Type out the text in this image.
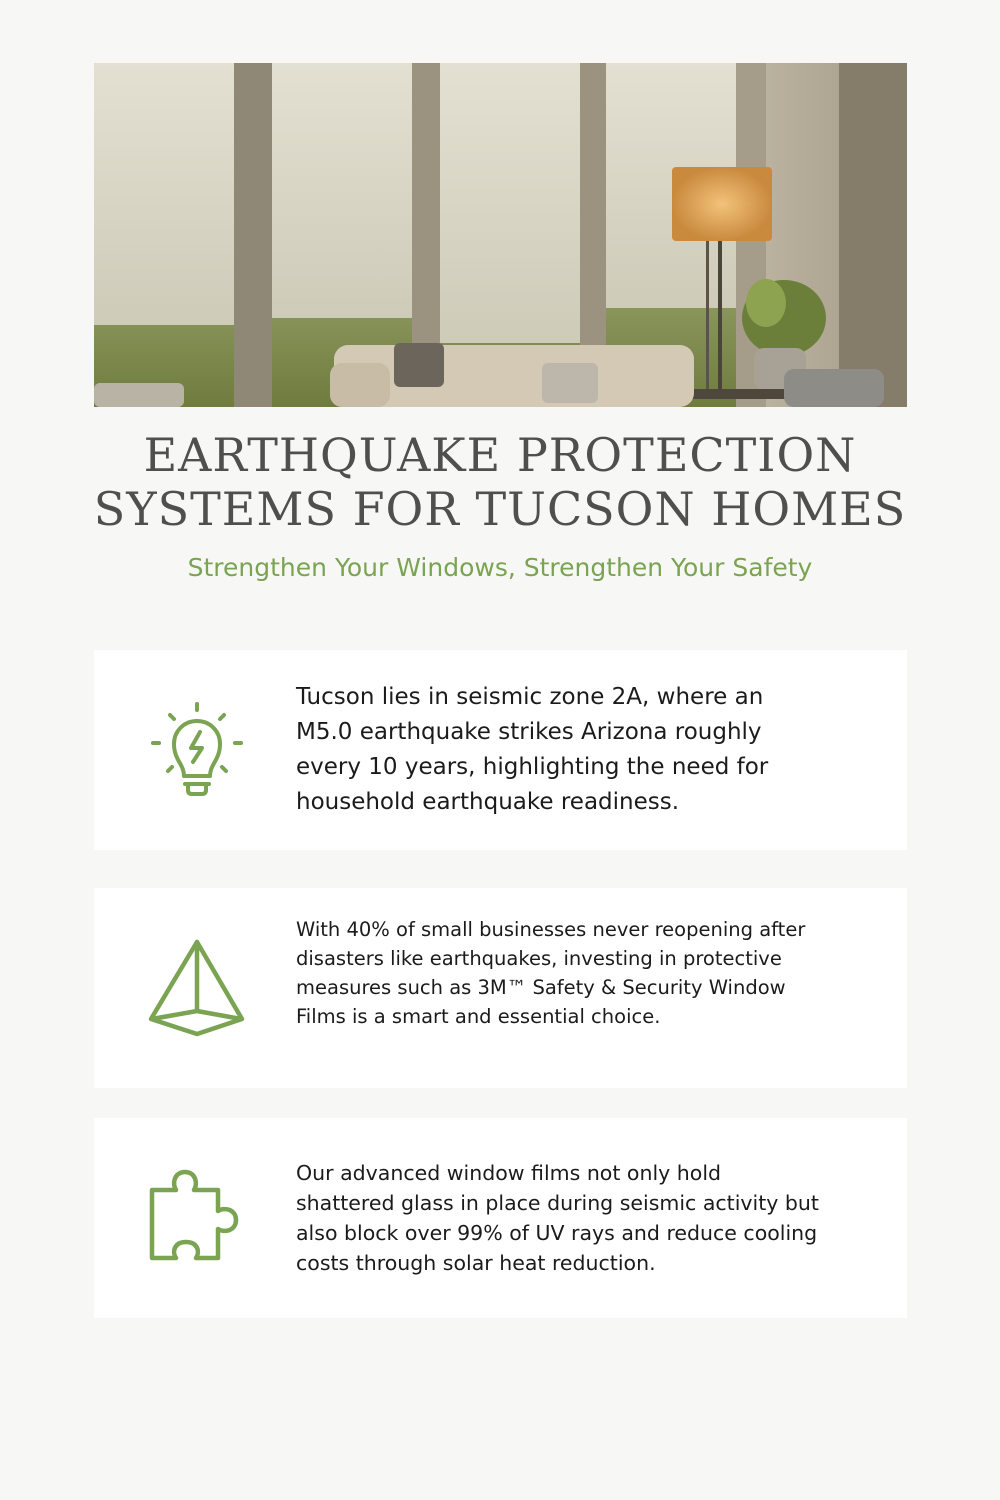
EARTHQUAKE PROTECTION
SYSTEMS FOR TUCSON HOMES

Strengthen Your Windows, Strengthen Your Safety

Tucson lies in seismic zone 2A, where an M5.0 earthquake strikes Arizona roughly every 10 years, highlighting the need for household earthquake readiness.
With 40% of small businesses never reopening after disasters like earthquakes, investing in protective measures such as 3M™ Safety & Security Window Films is a smart and essential choice.
Our advanced window films not only hold shattered glass in place during seismic activity but also block over 99% of UV rays and reduce cooling costs through solar heat reduction.
